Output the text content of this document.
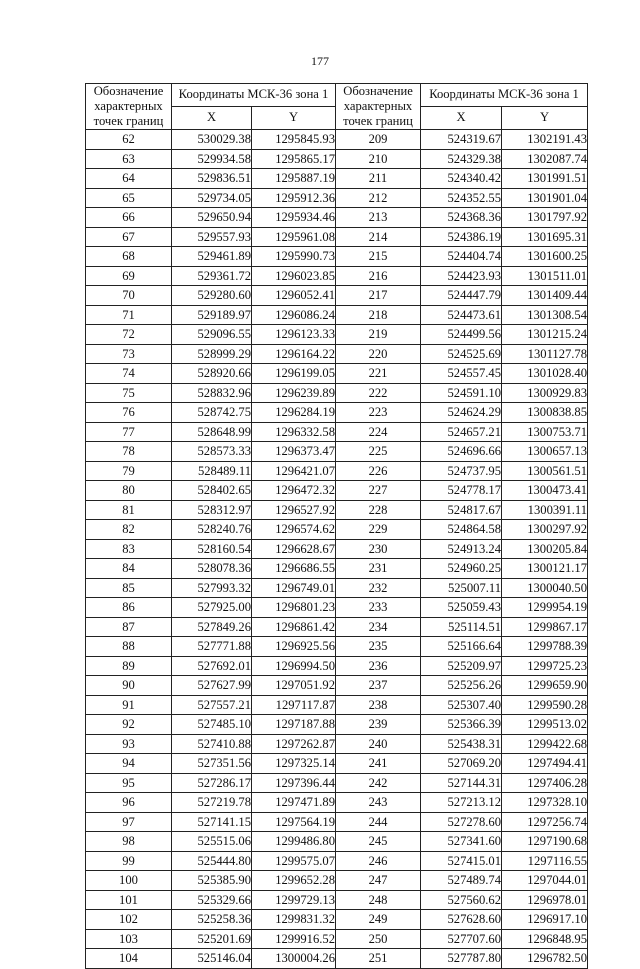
177
Обозначение характерных точек границ	Координаты МСК-36 зона 1		Обозначение характерных точек границ	Координаты МСК-36 зона 1	
	X	Y		X	Y
62	530029.38	1295845.93	209	524319.67	1302191.43
63	529934.58	1295865.17	210	524329.38	1302087.74
64	529836.51	1295887.19	211	524340.42	1301991.51
65	529734.05	1295912.36	212	524352.55	1301901.04
66	529650.94	1295934.46	213	524368.36	1301797.92
67	529557.93	1295961.08	214	524386.19	1301695.31
68	529461.89	1295990.73	215	524404.74	1301600.25
69	529361.72	1296023.85	216	524423.93	1301511.01
70	529280.60	1296052.41	217	524447.79	1301409.44
71	529189.97	1296086.24	218	524473.61	1301308.54
72	529096.55	1296123.33	219	524499.56	1301215.24
73	528999.29	1296164.22	220	524525.69	1301127.78
74	528920.66	1296199.05	221	524557.45	1301028.40
75	528832.96	1296239.89	222	524591.10	1300929.83
76	528742.75	1296284.19	223	524624.29	1300838.85
77	528648.99	1296332.58	224	524657.21	1300753.71
78	528573.33	1296373.47	225	524696.66	1300657.13
79	528489.11	1296421.07	226	524737.95	1300561.51
80	528402.65	1296472.32	227	524778.17	1300473.41
81	528312.97	1296527.92	228	524817.67	1300391.11
82	528240.76	1296574.62	229	524864.58	1300297.92
83	528160.54	1296628.67	230	524913.24	1300205.84
84	528078.36	1296686.55	231	524960.25	1300121.17
85	527993.32	1296749.01	232	525007.11	1300040.50
86	527925.00	1296801.23	233	525059.43	1299954.19
87	527849.26	1296861.42	234	525114.51	1299867.17
88	527771.88	1296925.56	235	525166.64	1299788.39
89	527692.01	1296994.50	236	525209.97	1299725.23
90	527627.99	1297051.92	237	525256.26	1299659.90
91	527557.21	1297117.87	238	525307.40	1299590.28
92	527485.10	1297187.88	239	525366.39	1299513.02
93	527410.88	1297262.87	240	525438.31	1299422.68
94	527351.56	1297325.14	241	527069.20	1297494.41
95	527286.17	1297396.44	242	527144.31	1297406.28
96	527219.78	1297471.89	243	527213.12	1297328.10
97	527141.15	1297564.19	244	527278.60	1297256.74
98	525515.06	1299486.80	245	527341.60	1297190.68
99	525444.80	1299575.07	246	527415.01	1297116.55
100	525385.90	1299652.28	247	527489.74	1297044.01
101	525329.66	1299729.13	248	527560.62	1296978.01
102	525258.36	1299831.32	249	527628.60	1296917.10
103	525201.69	1299916.52	250	527707.60	1296848.95
104	525146.04	1300004.26	251	527787.80	1296782.50
